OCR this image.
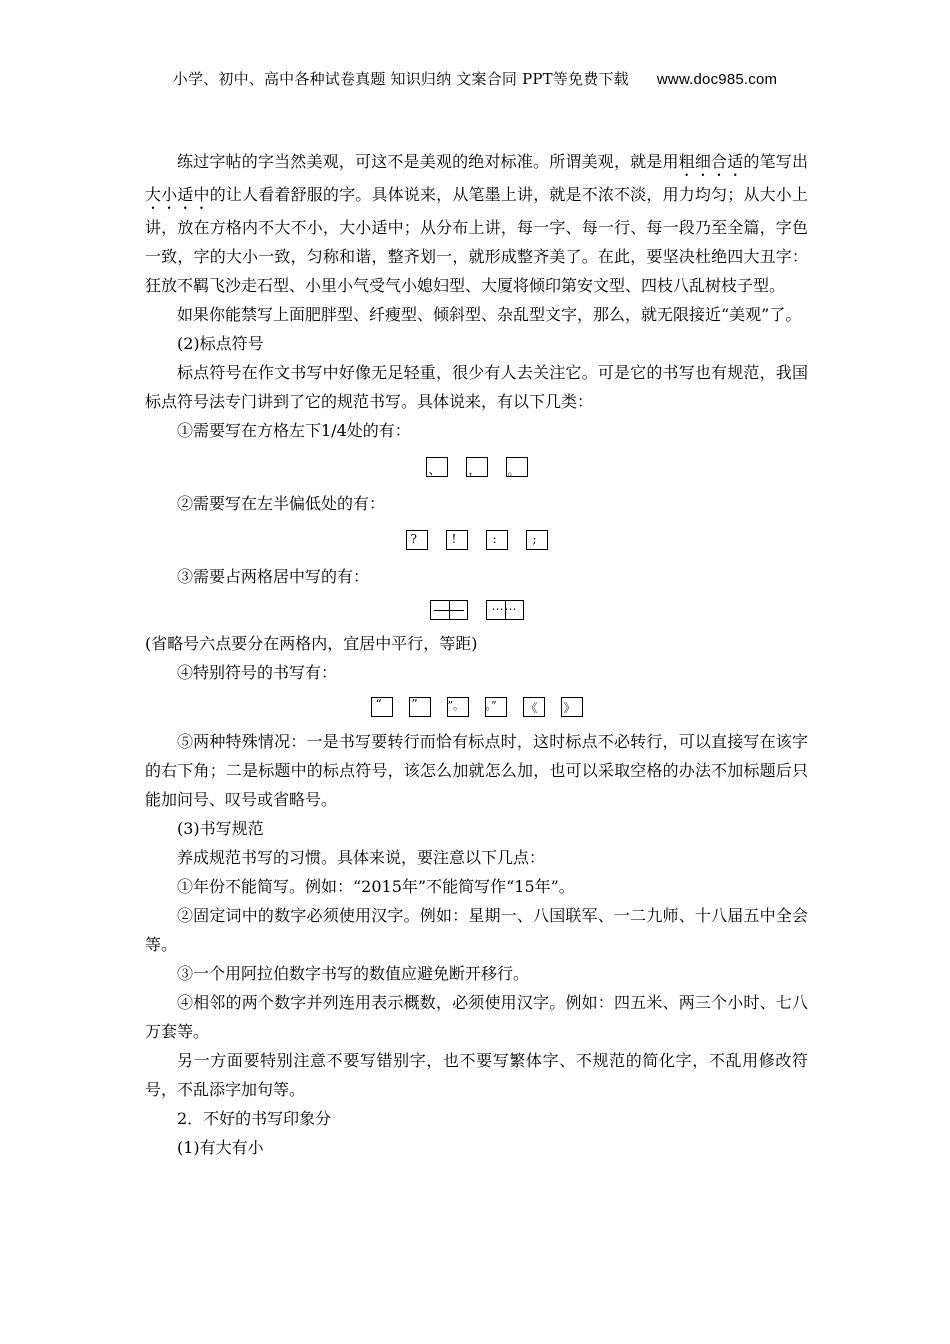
小学、初中、高中各种试卷真题 知识归纳 文案合同 PPT等免费下载 www.doc985.com

练过字帖的字当然美观，可这不是美观的绝对标准。所谓美观，就是用粗细合适的笔写出大小适中的让人看着舒服的字。具体说来，从笔墨上讲，就是不浓不淡，用力均匀；从大小上讲，放在方格内不大不小，大小适中；从分布上讲，每一字、每一行、每一段乃至全篇，字色一致，字的大小一致，匀称和谐，整齐划一，就形成整齐美了。在此，要坚决杜绝四大丑字：狂放不羁飞沙走石型、小里小气受气小媳妇型、大厦将倾印第安文型、四枝八乱树枝子型。

如果你能禁写上面肥胖型、纤瘦型、倾斜型、杂乱型文字，那么，就无限接近“美观”了。

(2)标点符号

标点符号在作文书写中好像无足轻重，很少有人去关注它。可是它的书写也有规范，我国标点符号法专门讲到了它的规范书写。具体说来，有以下几类：

①需要写在方格左下1/4处的有：

、 ， 。

②需要写在左半偏低处的有：

?	!	:	;

③需要占两格居中写的有：

⋯⋯

(省略号六点要分在两格内，宜居中平行，等距)

④特别符号的书写有：

“ ”	”。 。” 《 》

⑤两种特殊情况：一是书写要转行而恰有标点时，这时标点不必转行，可以直接写在该字的右下角；二是标题中的标点符号，该怎么加就怎么加，也可以采取空格的办法不加标题后只能加问号、叹号或省略号。

(3)书写规范

养成规范书写的习惯。具体来说，要注意以下几点：

①年份不能简写。例如：“2015年”不能简写作“15年”。

②固定词中的数字必须使用汉字。例如：星期一、八国联军、一二九师、十八届五中全会等。

③一个用阿拉伯数字书写的数值应避免断开移行。

④相邻的两个数字并列连用表示概数，必须使用汉字。例如：四五米、两三个小时、七八万套等。

另一方面要特别注意不要写错别字，也不要写繁体字、不规范的简化字，不乱用修改符号，不乱添字加句等。

2．不好的书写印象分

(1)有大有小
